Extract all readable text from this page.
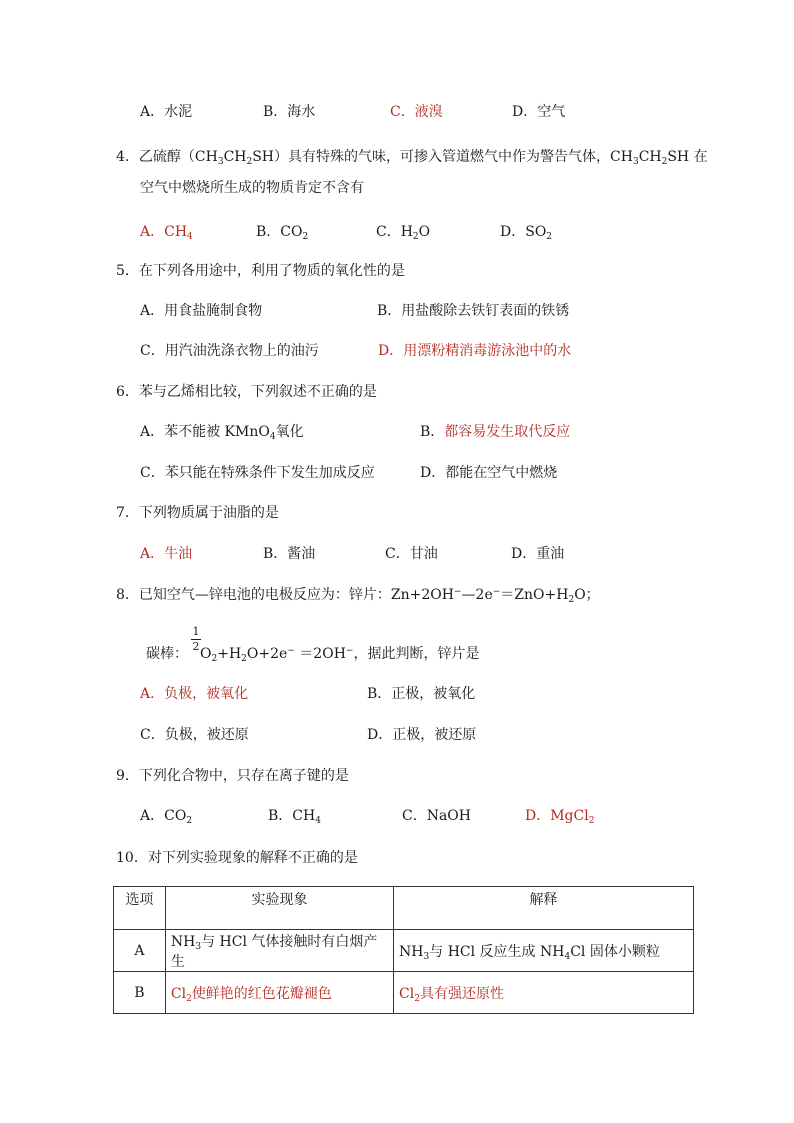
A．水泥	B．海水	C．液溴	D．空气
4．乙硫醇$(CH_3CH_2SH)$具有特殊的气味，可掺入管道燃气中作为警告气体，$CH_3CH_2SH$ 在
空气中燃烧所生成的物质肯定不含有
A．$CH_4$	B．$CO_2$	C．$H_2O$	D．$SO_2$
5．在下列各用途中，利用了物质的氧化性的是
A．用食盐腌制食物	B．用盐酸除去铁钉表面的铁锈
C．用汽油洗涤衣物上的油污	D．用漂粉精消毒游泳池中的水
6．苯与乙烯相比较，下列叙述不正确的是
A．苯不能被 KMnO$_4$氧化	B．都容易发生取代反应
C．苯只能在特殊条件下发生加成反应	D．都能在空气中燃烧
7．下列物质属于油脂的是
A．牛油	B．酱油	C．甘油	D．重油
8．已知空气—锌电池的电极反应为：锌片：$Zn+2OH^-—2e^-=ZnO+H_2O$；
1
2
碳棒： $O_2+H_2O+2e^- =2OH^-$，据此判断，锌片是
A．负极，被氧化	B．正极，被氧化
C．负极，被还原	D．正极，被还原
9．下列化合物中，只存在离子键的是
A．$CO_2$	B．$CH_4$	C．NaOH	D．MgCl$_2$
10．对下列实验现象的解释不正确的是
选项	实验现象	解释
A	$NH_3$与 HCl 气体接触时有白烟产生	$NH_3$与 HCl 反应生成 $NH_4Cl$ 固体小颗粒
B	$Cl_2$使鲜艳的红色花瓣褪色	$Cl_2$具有强还原性
